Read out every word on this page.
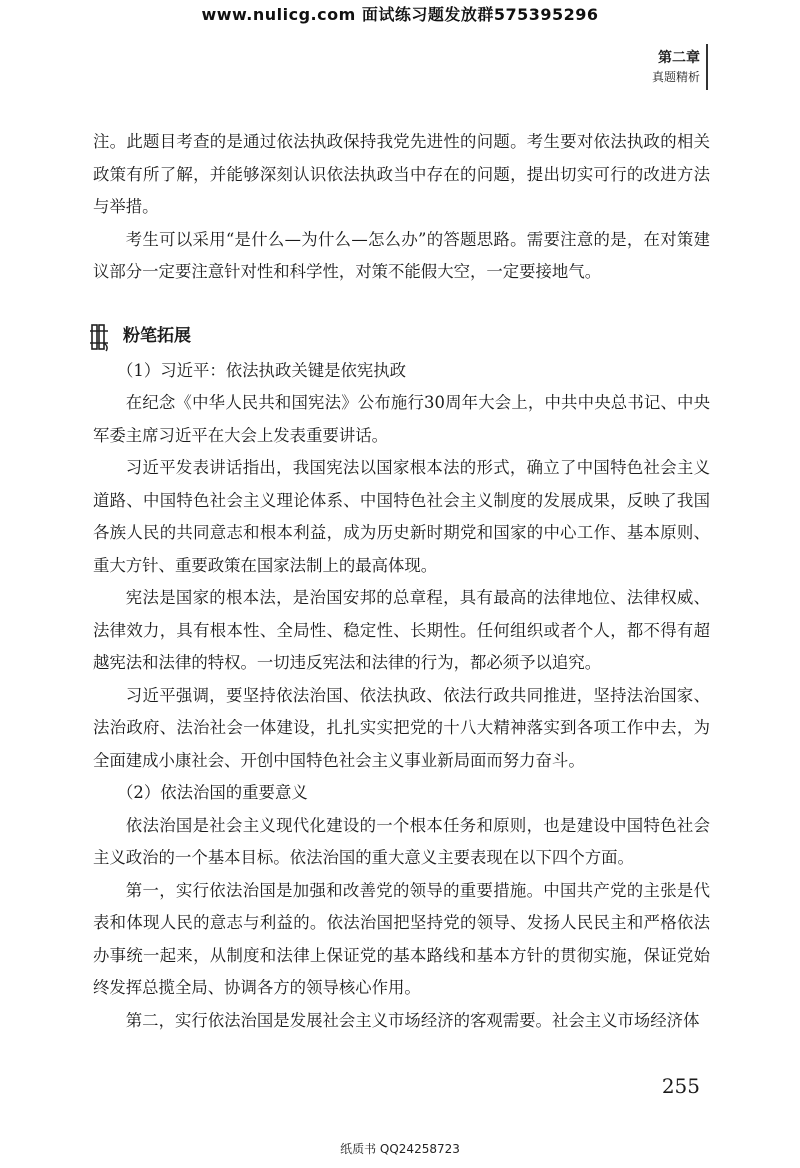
www.nulicg.com 面试练习题发放群575395296
第二章
真题精析

注。此题目考查的是通过依法执政保持我党先进性的问题。考生要对依法执政的相关政策有所了解，并能够深刻认识依法执政当中存在的问题，提出切实可行的改进方法与举措。

考生可以采用“是什么—为什么—怎么办”的答题思路。需要注意的是，在对策建议部分一定要注意针对性和科学性，对策不能假大空，一定要接地气。

粉笔拓展

（1）习近平：依法执政关键是依宪执政

在纪念《中华人民共和国宪法》公布施行30周年大会上，中共中央总书记、中央军委主席习近平在大会上发表重要讲话。

习近平发表讲话指出，我国宪法以国家根本法的形式，确立了中国特色社会主义道路、中国特色社会主义理论体系、中国特色社会主义制度的发展成果，反映了我国各族人民的共同意志和根本利益，成为历史新时期党和国家的中心工作、基本原则、重大方针、重要政策在国家法制上的最高体现。

宪法是国家的根本法，是治国安邦的总章程，具有最高的法律地位、法律权威、法律效力，具有根本性、全局性、稳定性、长期性。任何组织或者个人，都不得有超越宪法和法律的特权。一切违反宪法和法律的行为，都必须予以追究。

习近平强调，要坚持依法治国、依法执政、依法行政共同推进，坚持法治国家、法治政府、法治社会一体建设，扎扎实实把党的十八大精神落实到各项工作中去，为全面建成小康社会、开创中国特色社会主义事业新局面而努力奋斗。

（2）依法治国的重要意义

依法治国是社会主义现代化建设的一个根本任务和原则，也是建设中国特色社会主义政治的一个基本目标。依法治国的重大意义主要表现在以下四个方面。

第一，实行依法治国是加强和改善党的领导的重要措施。中国共产党的主张是代表和体现人民的意志与利益的。依法治国把坚持党的领导、发扬人民民主和严格依法办事统一起来，从制度和法律上保证党的基本路线和基本方针的贯彻实施，保证党始终发挥总揽全局、协调各方的领导核心作用。

第二，实行依法治国是发展社会主义市场经济的客观需要。社会主义市场经济体

255
纸质书 QQ24258723
